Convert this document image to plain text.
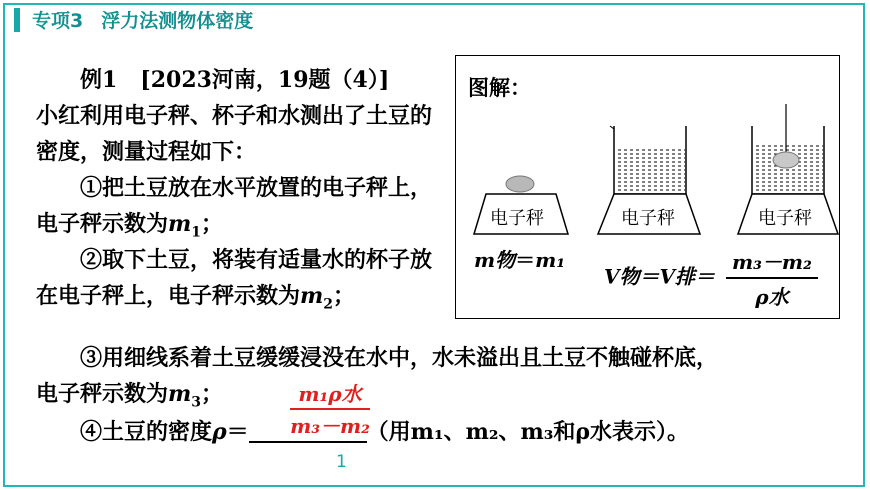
专项3 浮力法测物体密度
例1 [2023河南，19题（4）]
小红利用电子秤、杯子和水测出了土豆的密度，测量过程如下：
①把土豆放在水平放置的电子秤上，电子秤示数为$m_1$；
②取下土豆，将装有适量水的杯子放在电子秤上，电子秤示数为$m_2$；
③用细线系着土豆缓缓浸没在水中，水未溢出且土豆不触碰杯底，
电子秤示数为$m_3$；	m₁ρ水
m₃－m₂
④土豆的密度ρ＝	（用m₁、m₂、m₃和ρ水表示）。
图解：
电子秤	电子秤	电子秤
m物＝m₁
V物＝V排＝ $\frac{\text{m₃－m₂}}{\text{ρ水}}$
1
